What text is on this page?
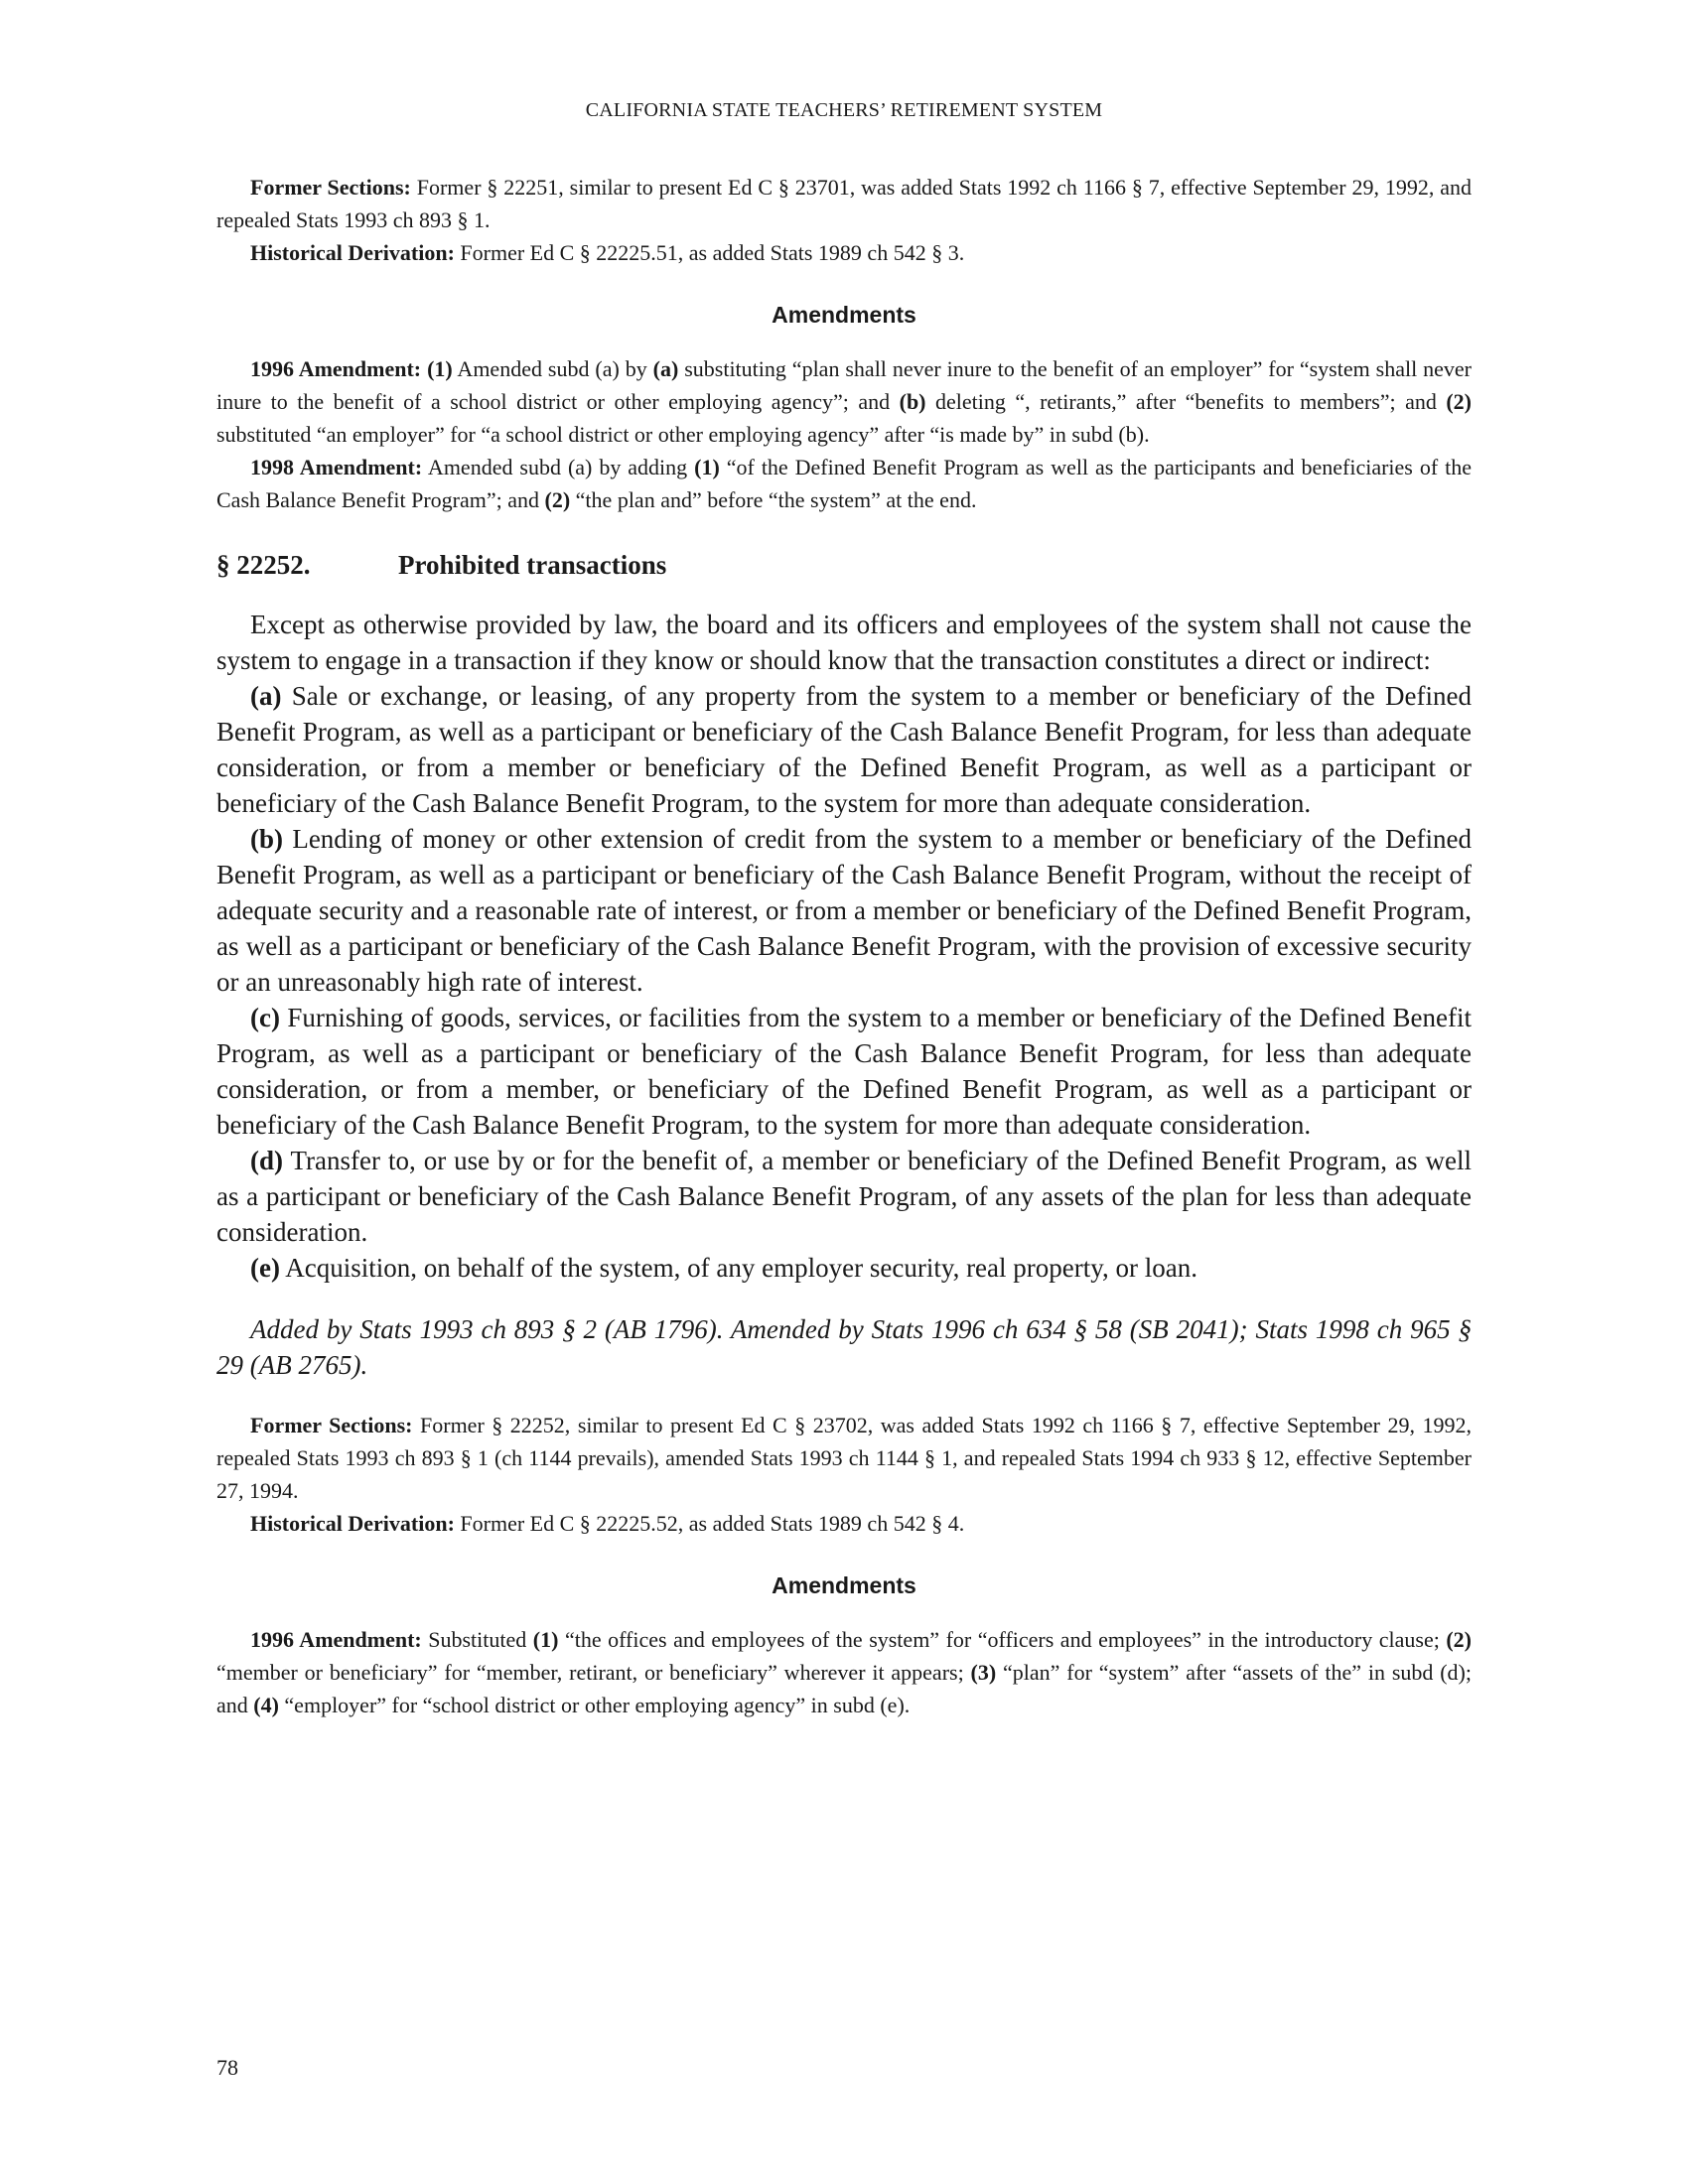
CALIFORNIA STATE TEACHERS’ RETIREMENT SYSTEM

Former Sections: Former § 22251, similar to present Ed C § 23701, was added Stats 1992 ch 1166 § 7, effective September 29, 1992, and repealed Stats 1993 ch 893 § 1.

Historical Derivation: Former Ed C § 22225.51, as added Stats 1989 ch 542 § 3.

Amendments

1996 Amendment: (1) Amended subd (a) by (a) substituting “plan shall never inure to the benefit of an employer” for “system shall never inure to the benefit of a school district or other employing agency”; and (b) deleting “, retirants,” after “benefits to members”; and (2) substituted “an employer” for “a school district or other employing agency” after “is made by” in subd (b).

1998 Amendment: Amended subd (a) by adding (1) “of the Defined Benefit Program as well as the participants and beneficiaries of the Cash Balance Benefit Program”; and (2) “the plan and” before “the system” at the end.

§ 22252.	Prohibited transactions

Except as otherwise provided by law, the board and its officers and employees of the system shall not cause the system to engage in a transaction if they know or should know that the transaction constitutes a direct or indirect:

(a) Sale or exchange, or leasing, of any property from the system to a member or beneficiary of the Defined Benefit Program, as well as a participant or beneficiary of the Cash Balance Benefit Program, for less than adequate consideration, or from a member or beneficiary of the Defined Benefit Program, as well as a participant or beneficiary of the Cash Balance Benefit Program, to the system for more than adequate consideration.

(b) Lending of money or other extension of credit from the system to a member or beneficiary of the Defined Benefit Program, as well as a participant or beneficiary of the Cash Balance Benefit Program, without the receipt of adequate security and a reasonable rate of interest, or from a member or beneficiary of the Defined Benefit Program, as well as a participant or beneficiary of the Cash Balance Benefit Program, with the provision of excessive security or an unreasonably high rate of interest.

(c) Furnishing of goods, services, or facilities from the system to a member or beneficiary of the Defined Benefit Program, as well as a participant or beneficiary of the Cash Balance Benefit Program, for less than adequate consideration, or from a member, or beneficiary of the Defined Benefit Program, as well as a participant or beneficiary of the Cash Balance Benefit Program, to the system for more than adequate consideration.

(d) Transfer to, or use by or for the benefit of, a member or beneficiary of the Defined Benefit Program, as well as a participant or beneficiary of the Cash Balance Benefit Program, of any assets of the plan for less than adequate consideration.

(e) Acquisition, on behalf of the system, of any employer security, real property, or loan.

Added by Stats 1993 ch 893 § 2 (AB 1796). Amended by Stats 1996 ch 634 § 58 (SB 2041); Stats 1998 ch 965 § 29 (AB 2765).

Former Sections: Former § 22252, similar to present Ed C § 23702, was added Stats 1992 ch 1166 § 7, effective September 29, 1992, repealed Stats 1993 ch 893 § 1 (ch 1144 prevails), amended Stats 1993 ch 1144 § 1, and repealed Stats 1994 ch 933 § 12, effective September 27, 1994.

Historical Derivation: Former Ed C § 22225.52, as added Stats 1989 ch 542 § 4.

Amendments

1996 Amendment: Substituted (1) “the offices and employees of the system” for “officers and employees” in the introductory clause; (2) “member or beneficiary” for “member, retirant, or beneficiary” wherever it appears; (3) “plan” for “system” after “assets of the” in subd (d); and (4) “employer” for “school district or other employing agency” in subd (e).

78
